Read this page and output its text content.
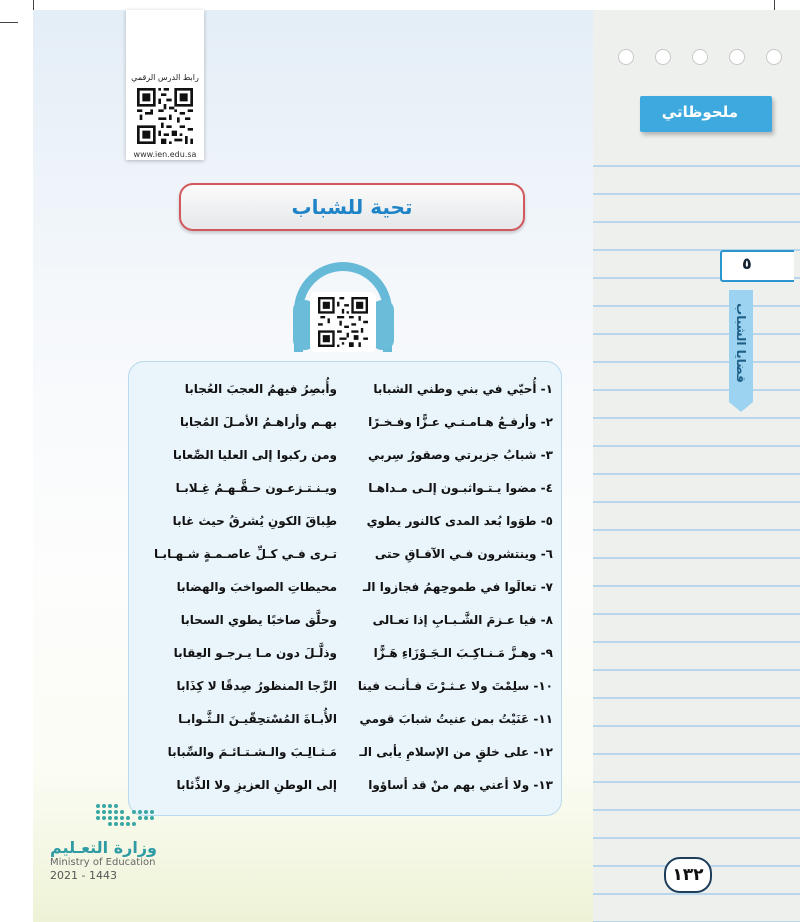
ملحوظاتي
٥
قضايا الشباب
رابط الدرس الرقمي
www.ien.edu.sa
تحية للشباب
١- أُحيّي في بني وطني الشبابا
وأُبصِرُ فيهمُ العجبَ العُجابا
٢- وأرفـعُ هـامـتـي عـزًّا وفـخـرًا
بهـم وأراهـمُ الأمـلَ المُجابا
٣- شبابُ جزيرتي وصقورُ سِربي
ومن ركبوا إلى العليا الصِّعابا
٤- مضوا يـتـواثبـون إلـى مـداهـا
ويـنـتـزعـون حـقَّـهـمُ غِـلابـا
٥- طوَوا بُعد المدى كالنور يطوي
طِباقَ الكونِ يُشرقُ حيث غابا
٦- وينتشرون فـي الآفـاقِ حتى
تـرى فـي كـلِّ عاصـمـةٍ شـهـابـا
٧- تعالَوا في طموحِهمُ فجازوا الـ
محيطاتِ الصواخبَ والهضابا
٨- فيا عـزمَ الشَّـبـابِ إذا تعـالى
وحلَّق صاخبًا يطوي السحابا
٩- وهـزَّ مَـنـاكِـبَ الـجَـوْزَاءِ هَـزًّا
وذلَّـلَ دون مـا يـرجـو العِقابا
١٠- سلِمْتَ ولا عـثـرْتَ فـأنـت فينا
الرِّجا المنظورُ صِدقًا لا كِذَابا
١١- عَنَيْتُ بمن عنيتُ شبابَ قومي
الأُبـاةَ المُسْتحِقّيـنَ الـثَّـوابـا
١٢- على خلقٍ من الإسلامِ يأبى الـ
مَـثـالِـبَ والـشـتـائـمَ والسِّبابا
١٣- ولا أعني بهم منْ قد أساؤوا
إلى الوطنِ العزيزِ ولا الذِّئابا
وزارة التعـليم
Ministry of Education
2021 - 1443	١٣٢
